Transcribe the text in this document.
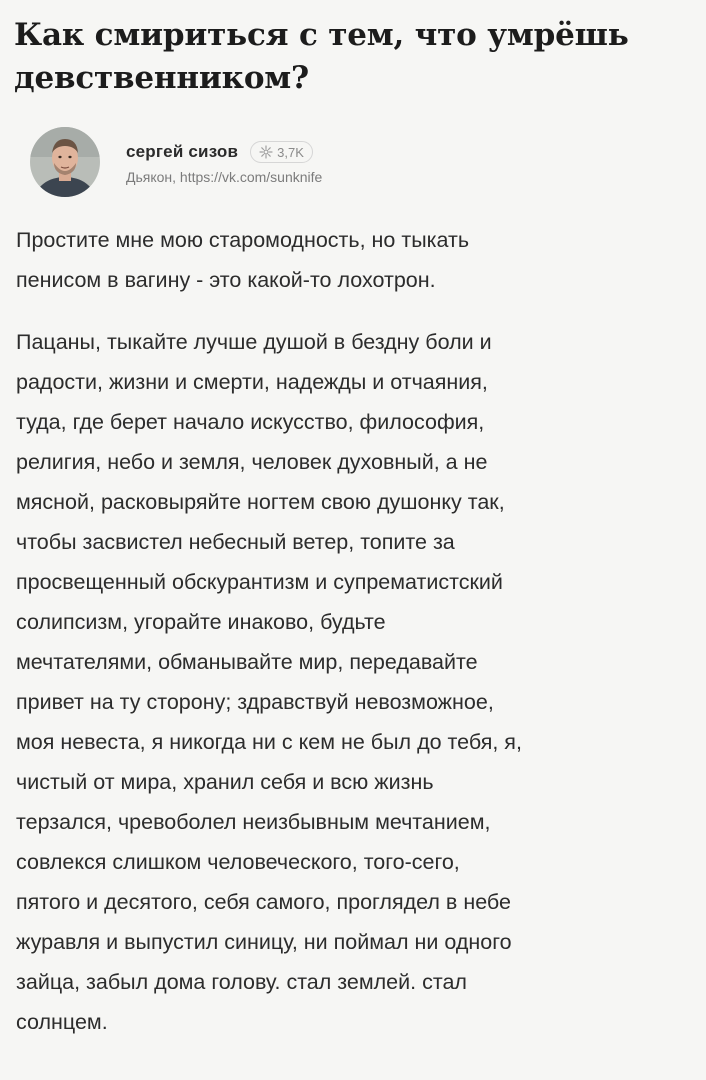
Как смириться с тем, что умрёшь
девственником?
сергей сизов	3,7K
Дьякон, https://vk.com/sunknife

Простите мне мою старомодность, но тыкать
пенисом в вагину - это какой-то лохотрон.

Пацаны, тыкайте лучше душой в бездну боли и
радости, жизни и смерти, надежды и отчаяния,
туда, где берет начало искусство, философия,
религия, небо и земля, человек духовный, а не
мясной, расковыряйте ногтем свою душонку так,
чтобы засвистел небесный ветер, топите за
просвещенный обскурантизм и супрематистский
солипсизм, угорайте инаково, будьте
мечтателями, обманывайте мир, передавайте
привет на ту сторону; здравствуй невозможное,
моя невеста, я никогда ни с кем не был до тебя, я,
чистый от мира, хранил себя и всю жизнь
терзался, чревоболел неизбывным мечтанием,
совлекся слишком человеческого, того-сего,
пятого и десятого, себя самого, проглядел в небе
журавля и выпустил синицу, ни поймал ни одного
зайца, забыл дома голову. стал землей. стал
солнцем.
